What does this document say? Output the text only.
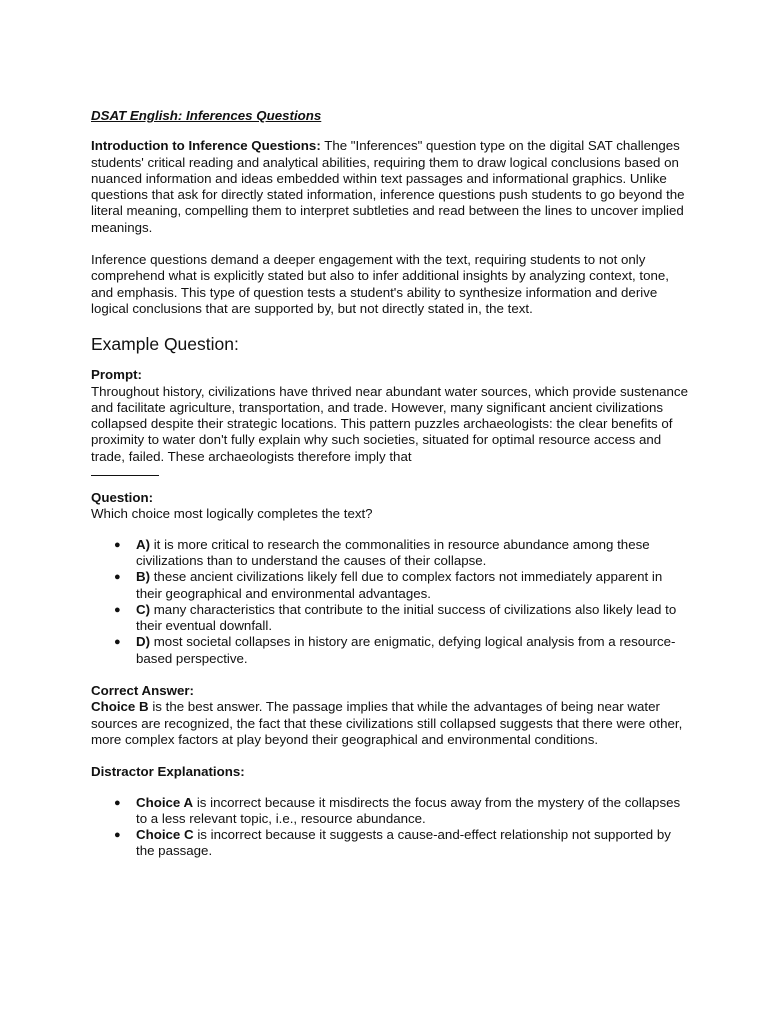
DSAT English: Inferences Questions

Introduction to Inference Questions: The "Inferences" question type on the digital SAT challenges students' critical reading and analytical abilities, requiring them to draw logical conclusions based on nuanced information and ideas embedded within text passages and informational graphics. Unlike questions that ask for directly stated information, inference questions push students to go beyond the literal meaning, compelling them to interpret subtleties and read between the lines to uncover implied meanings.

Inference questions demand a deeper engagement with the text, requiring students to not only comprehend what is explicitly stated but also to infer additional insights by analyzing context, tone, and emphasis. This type of question tests a student's ability to synthesize information and derive logical conclusions that are supported by, but not directly stated in, the text.

Example Question:

Prompt:
Throughout history, civilizations have thrived near abundant water sources, which provide sustenance and facilitate agriculture, transportation, and trade. However, many significant ancient civilizations collapsed despite their strategic locations. This pattern puzzles archaeologists: the clear benefits of proximity to water don't fully explain why such societies, situated for optimal resource access and trade, failed. These archaeologists therefore imply that

Question:
Which choice most logically completes the text?

● A) it is more critical to research the commonalities in resource abundance among these civilizations than to understand the causes of their collapse.
● B) these ancient civilizations likely fell due to complex factors not immediately apparent in their geographical and environmental advantages.
● C) many characteristics that contribute to the initial success of civilizations also likely lead to their eventual downfall.
● D) most societal collapses in history are enigmatic, defying logical analysis from a resource-based perspective.

Correct Answer:
Choice B is the best answer. The passage implies that while the advantages of being near water sources are recognized, the fact that these civilizations still collapsed suggests that there were other, more complex factors at play beyond their geographical and environmental conditions.

Distractor Explanations:

● Choice A is incorrect because it misdirects the focus away from the mystery of the collapses to a less relevant topic, i.e., resource abundance.
● Choice C is incorrect because it suggests a cause-and-effect relationship not supported by the passage.
